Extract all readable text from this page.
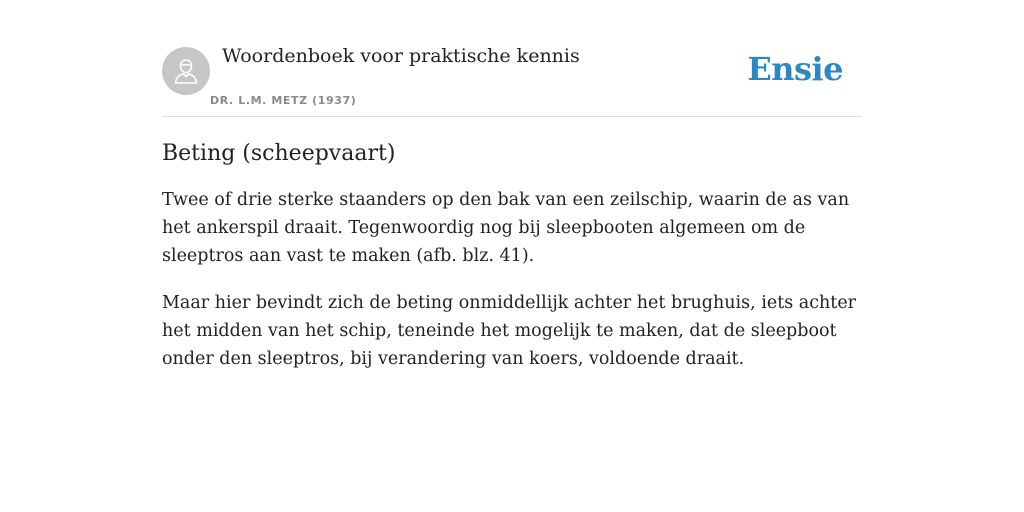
Woordenboek voor praktische kennis
DR. L.M. METZ (1937)
Ensie
Beting (scheepvaart)

Twee of drie sterke staanders op den bak van een zeilschip, waarin de as van het ankerspil draait. Tegenwoordig nog bij sleepbooten algemeen om de sleeptros aan vast te maken (afb. blz. 41).

Maar hier bevindt zich de beting onmiddellijk achter het brughuis, iets achter het midden van het schip, teneinde het mogelijk te maken, dat de sleepboot onder den sleeptros, bij verandering van koers, voldoende draait.
